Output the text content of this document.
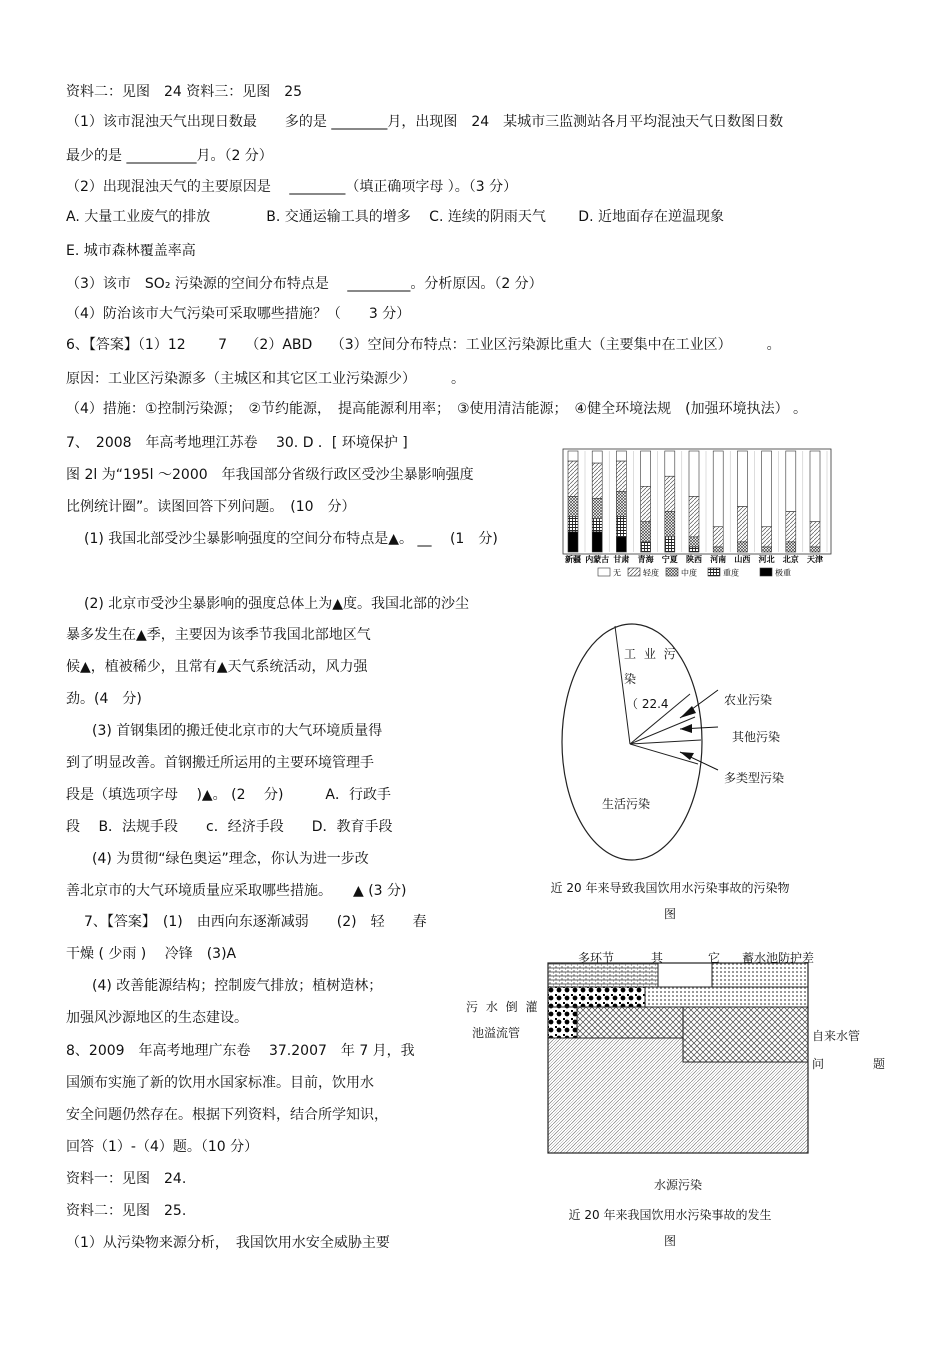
资料二：见图　24 资料三：见图　25
（1）该市混浊天气出现日数最　　多的是 ________月，出现图　24　某城市三监测站各月平均混浊天气日数图日数
最少的是 __________月。（2 分）
（2）出现混浊天气的主要原因是　 ________（填正确项字母 ）。（3 分）
A. 大量工业废气的排放　　　　B. 交通运输工具的增多　 C. 连续的阴雨天气　　 D. 近地面存在逆温现象
E. 城市森林覆盖率高
（3）该市　SO₂ 污染源的空间分布特点是　 _________。分析原因。（2 分）
（4）防治该市大气污染可采取哪些措施？（　　3 分）
6、【答案】（1）12　　 7　 （2）ABD　 （3）空间分布特点：工业区污染源比重大（主要集中在工业区）　　　。
原因：工业区污染源多（主城区和其它区工业污染源少）　　　。
（4）措施：①控制污染源；　②节约能源，　提高能源利用率；　③使用清洁能源；　④健全环境法规　(加强环境执法） 。
7、　2008　年高考地理江苏卷　 30. D ．[ 环境保护 ]
图 2l 为“195l ～2000　年我国部分省级行政区受沙尘暴影响强度
比例统计圈”。读图回答下列问题。　(10　分）
(1) 我国北部受沙尘暴影响强度的空间分布特点是▲。 __　 (1　分)
(2) 北京市受沙尘暴影响的强度总体上为▲度。我国北部的沙尘
暴多发生在▲季，主要因为该季节我国北部地区气
候▲，植被稀少，且常有▲天气系统活动，风力强
劲。(4　分)
(3) 首钢集团的搬迁使北京市的大气环境质量得
到了明显改善。首钢搬迁所运用的主要环境管理手
段是（填选项字母　 )▲。 (2　 分)　　　A．行政手
段　 B．法规手段　　c．经济手段　　D．教育手段
(4) 为贯彻“绿色奥运”理念，你认为进一步改
善北京市的大气环境质量应采取哪些措施。　　▲ (3 分)
7、【答案】　(1)　由西向东逐渐减弱　　(2)　轻　　春
干燥 ( 少雨 )　 冷锋　(3)A
(4) 改善能源结构；控制废气排放；植树造林；
加强风沙源地区的生态建设。
8、2009　年高考地理广东卷　 37.2007　年 7 月，我
国颁布实施了新的饮用水国家标准。目前，饮用水
安全问题仍然存在。根据下列资料，结合所学知识，
回答（1）-（4）题。（10 分）
资料一：见图　24.
资料二：见图　25.
（1）从污染物来源分析，　我国饮用水安全威胁主要
新疆 内蒙古 甘肃 青海 宁夏 陕西 河南 山西 河北 北京 天津
无	轻度	中度	重度	极重
工 业 污
染
（ 22.4	农业污染
其他污染
多类型污染
生活污染
近 20 年来导致我国饮用水污染事故的污染物
图
多环节	其	它 蓄水池防护差
污 水 倒 灌
池溢流管	自来水管
问	题
水源污染
近 20 年来我国饮用水污染事故的发生
图
